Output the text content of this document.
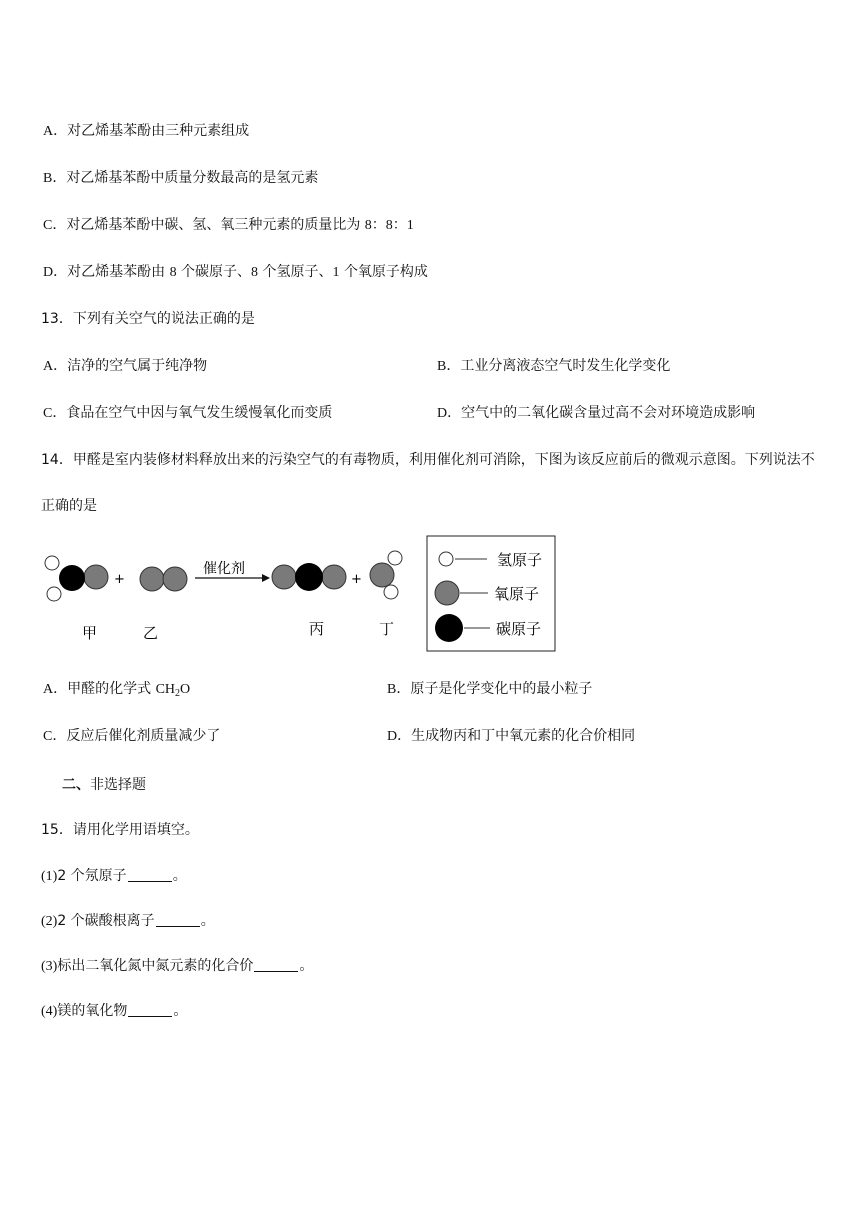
A．对乙烯基苯酚由三种元素组成
B．对乙烯基苯酚中质量分数最高的是氢元素
C．对乙烯基苯酚中碳、氢、氧三种元素的质量比为 8：8：1
D．对乙烯基苯酚由 8 个碳原子、8 个氢原子、1 个氧原子构成
13．下列有关空气的说法正确的是
A．洁净的空气属于纯净物	B．工业分离液态空气时发生化学变化
C．食品在空气中因与氧气发生缓慢氧化而变质	D．空气中的二氧化碳含量过高不会对环境造成影响
14．甲醛是室内装修材料释放出来的污染空气的有毒物质，利用催化剂可消除，下图为该反应前后的微观示意图。下列说法不
正确的是
+
催化剂
+
甲	乙	丙	丁
氢原子
氧原子
碳原子
A．甲醛的化学式 $CH_2O$	B．原子是化学变化中的最小粒子
C．反应后催化剂质量减少了	D．生成物丙和丁中氧元素的化合价相同
二、非选择题
15．请用化学用语填空。
(1)2 个氖原子	。
(2)2 个碳酸根离子	。
(3)标出二氧化氮中氮元素的化合价	。
(4)镁的氧化物	。
